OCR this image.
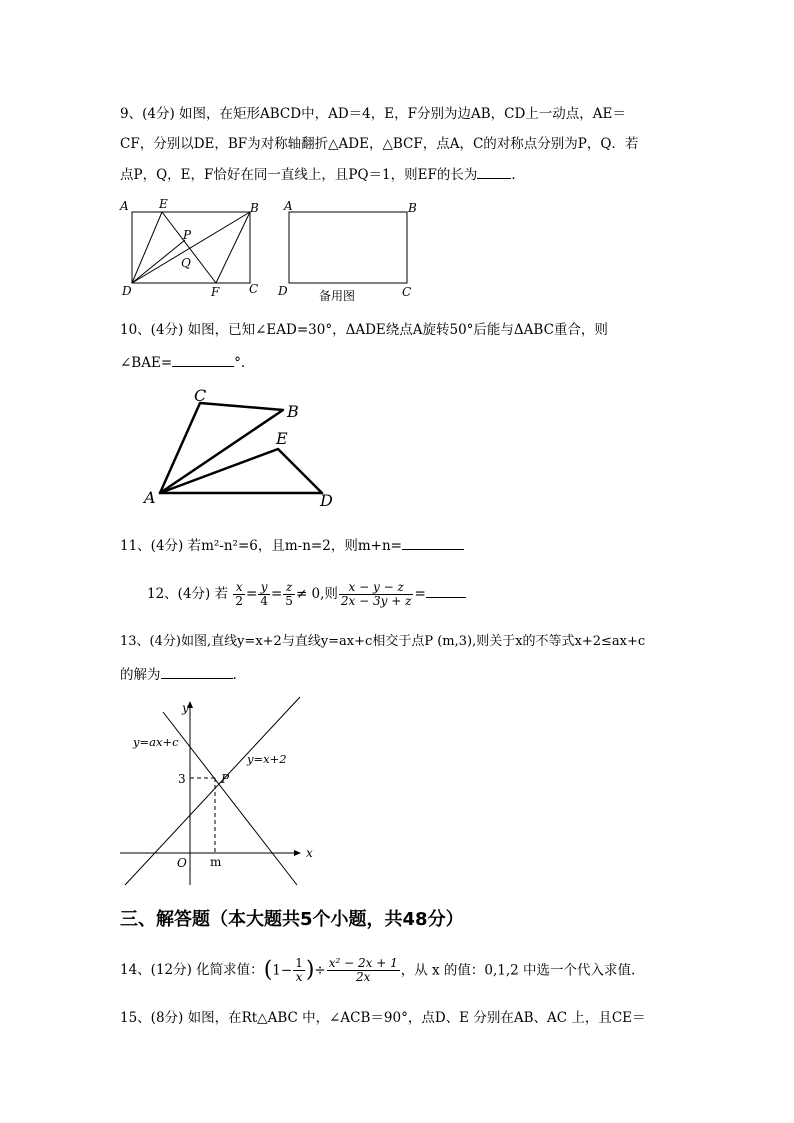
9、(4分) 如图，在矩形ABCD中，AD＝4，E，F分别为边AB，CD上一动点，AE＝
CF，分别以DE，BF为对称轴翻折△ADE，△BCF，点A，C的对称点分别为P，Q．若
点P，Q，E，F恰好在同一直线上，且PQ＝1，则EF的长为	．
A	E	B
P
Q
D	F C
A	B
D	C
备用图
10、(4分) 如图，已知∠EAD=30°，ΔADE绕点A旋转50°后能与ΔABC重合，则
∠BAE=	°.
C
B
E
A	D
11、(4分) 若m²-n²=6，且m-n=2，则m+n=
12、(4分) 若 $\frac{x}{2} = \frac{y}{4} = \frac{z}{5} \ne 0$,则 $\frac{x - y - z}{2x - 3y + z}$ =
13、(4分)如图,直线y=x+2与直线y=ax+c相交于点P (m,3),则关于x的不等式x+2≤ax+c
的解为	.
y
x
O m
3	P
y=ax+c
y=x+2
三、解答题（本大题共5个小题，共48分）
14、(12分) 化简求值：($1- \frac{1}{x}$ )÷ $\frac{\text{x² − 2x + 1}}{2x}$ ，从 x 的值：0,1,2 中选一个代入求值.
15、(8分) 如图，在Rt△ABC 中，∠ACB＝90°，点D、E 分别在AB、AC 上，且CE＝
